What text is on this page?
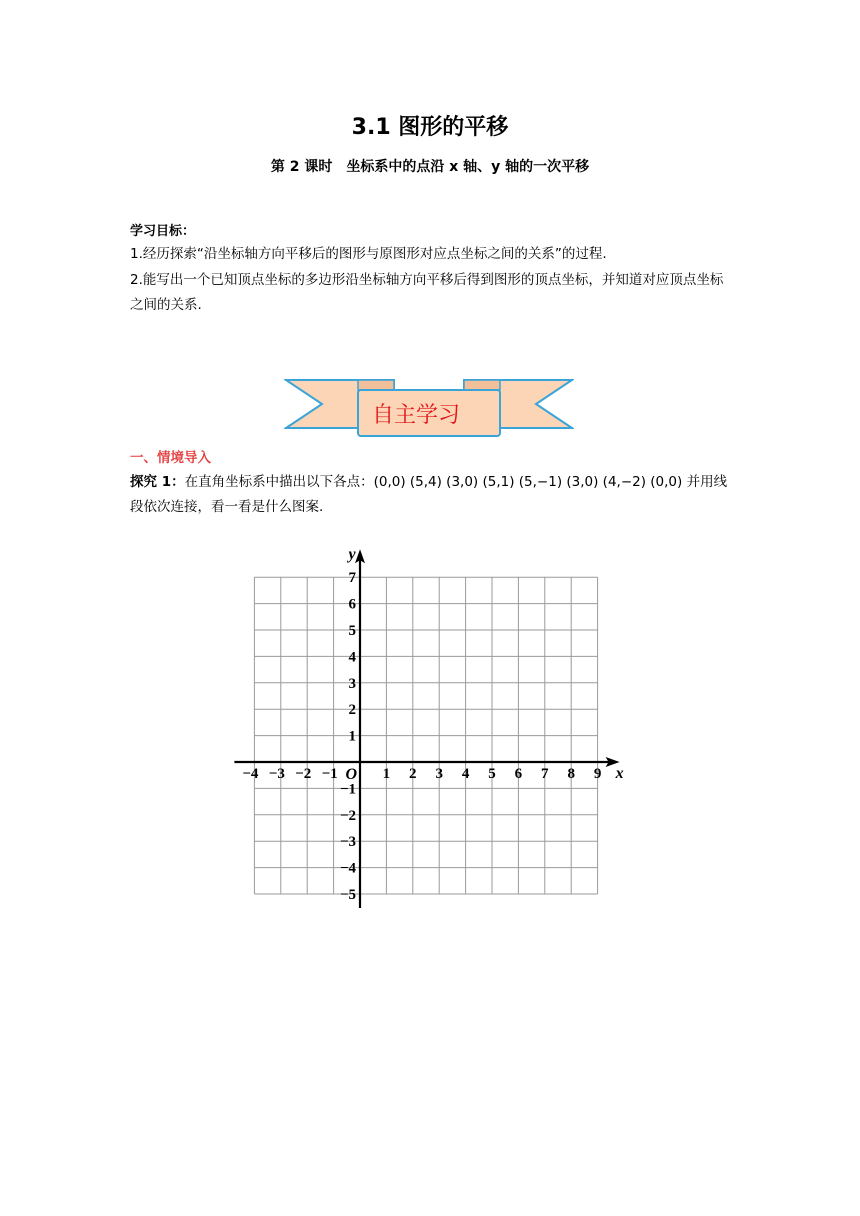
3.1 图形的平移
第 2 课时　坐标系中的点沿 x 轴、y 轴的一次平移
学习目标：
1.经历探索“沿坐标轴方向平移后的图形与原图形对应点坐标之间的关系”的过程.
2.能写出一个已知顶点坐标的多边形沿坐标轴方向平移后得到图形的顶点坐标，并知道对应顶点坐标之间的关系.
自主学习
一、情境导入
探究 1：在直角坐标系中描出以下各点：(0,0) (5,4) (3,0) (5,1) (5,−1) (3,0) (4,−2) (0,0) 并用线段依次连接，看一看是什么图案.
−4 −3 −2 −1	1 2 3 4 5 6 7 8 9
7
6
5
4
3
2
1
−1
−2
−3
−4
−5
O	x
y
